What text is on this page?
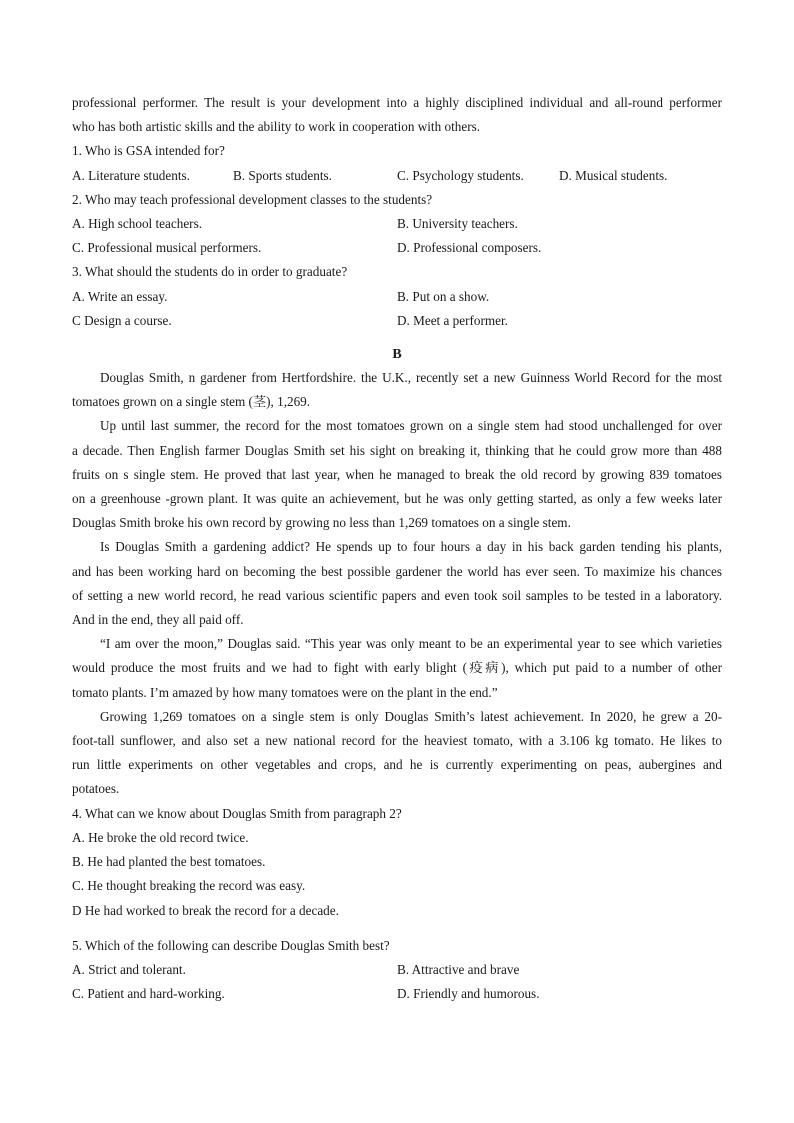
professional performer. The result is your development into a highly disciplined individual and all-round performer
who has both artistic skills and the ability to work in cooperation with others.
1. Who is GSA intended for?
A. Literature students.	B. Sports students.	C. Psychology students.	D. Musical students.
2. Who may teach professional development classes to the students?
A. High school teachers.	B. University teachers.
C. Professional musical performers.	D. Professional composers.
3. What should the students do in order to graduate?
A. Write an essay.	B. Put on a show.
C Design a course.	D. Meet a performer.
B
Douglas Smith, n gardener from Hertfordshire. the U.K., recently set a new Guinness World Record for the most
tomatoes grown on a single stem (茎), 1,269.
Up until last summer, the record for the most tomatoes grown on a single stem had stood unchallenged for over
a decade. Then English farmer Douglas Smith set his sight on breaking it, thinking that he could grow more than 488
fruits on s single stem. He proved that last year, when he managed to break the old record by growing 839 tomatoes
on a greenhouse -grown plant. It was quite an achievement, but he was only getting started, as only a few weeks later
Douglas Smith broke his own record by growing no less than 1,269 tomatoes on a single stem.
Is Douglas Smith a gardening addict? He spends up to four hours a day in his back garden tending his plants,
and has been working hard on becoming the best possible gardener the world has ever seen. To maximize his chances
of setting a new world record, he read various scientific papers and even took soil samples to be tested in a laboratory.
And in the end, they all paid off.
“I am over the moon,” Douglas said. “This year was only meant to be an experimental year to see which varieties
would produce the most fruits and we had to fight with early blight (疫病), which put paid to a number of other
tomato plants. I’m amazed by how many tomatoes were on the plant in the end.”
Growing 1,269 tomatoes on a single stem is only Douglas Smith’s latest achievement. In 2020, he grew a 20-
foot-tall sunflower, and also set a new national record for the heaviest tomato, with a 3.106 kg tomato. He likes to
run little experiments on other vegetables and crops, and he is currently experimenting on peas, aubergines and
potatoes.
4. What can we know about Douglas Smith from paragraph 2?
A. He broke the old record twice.
B. He had planted the best tomatoes.
C. He thought breaking the record was easy.
D He had worked to break the record for a decade.
5. Which of the following can describe Douglas Smith best?
A. Strict and tolerant.	B. Attractive and brave
C. Patient and hard-working.	D. Friendly and humorous.
